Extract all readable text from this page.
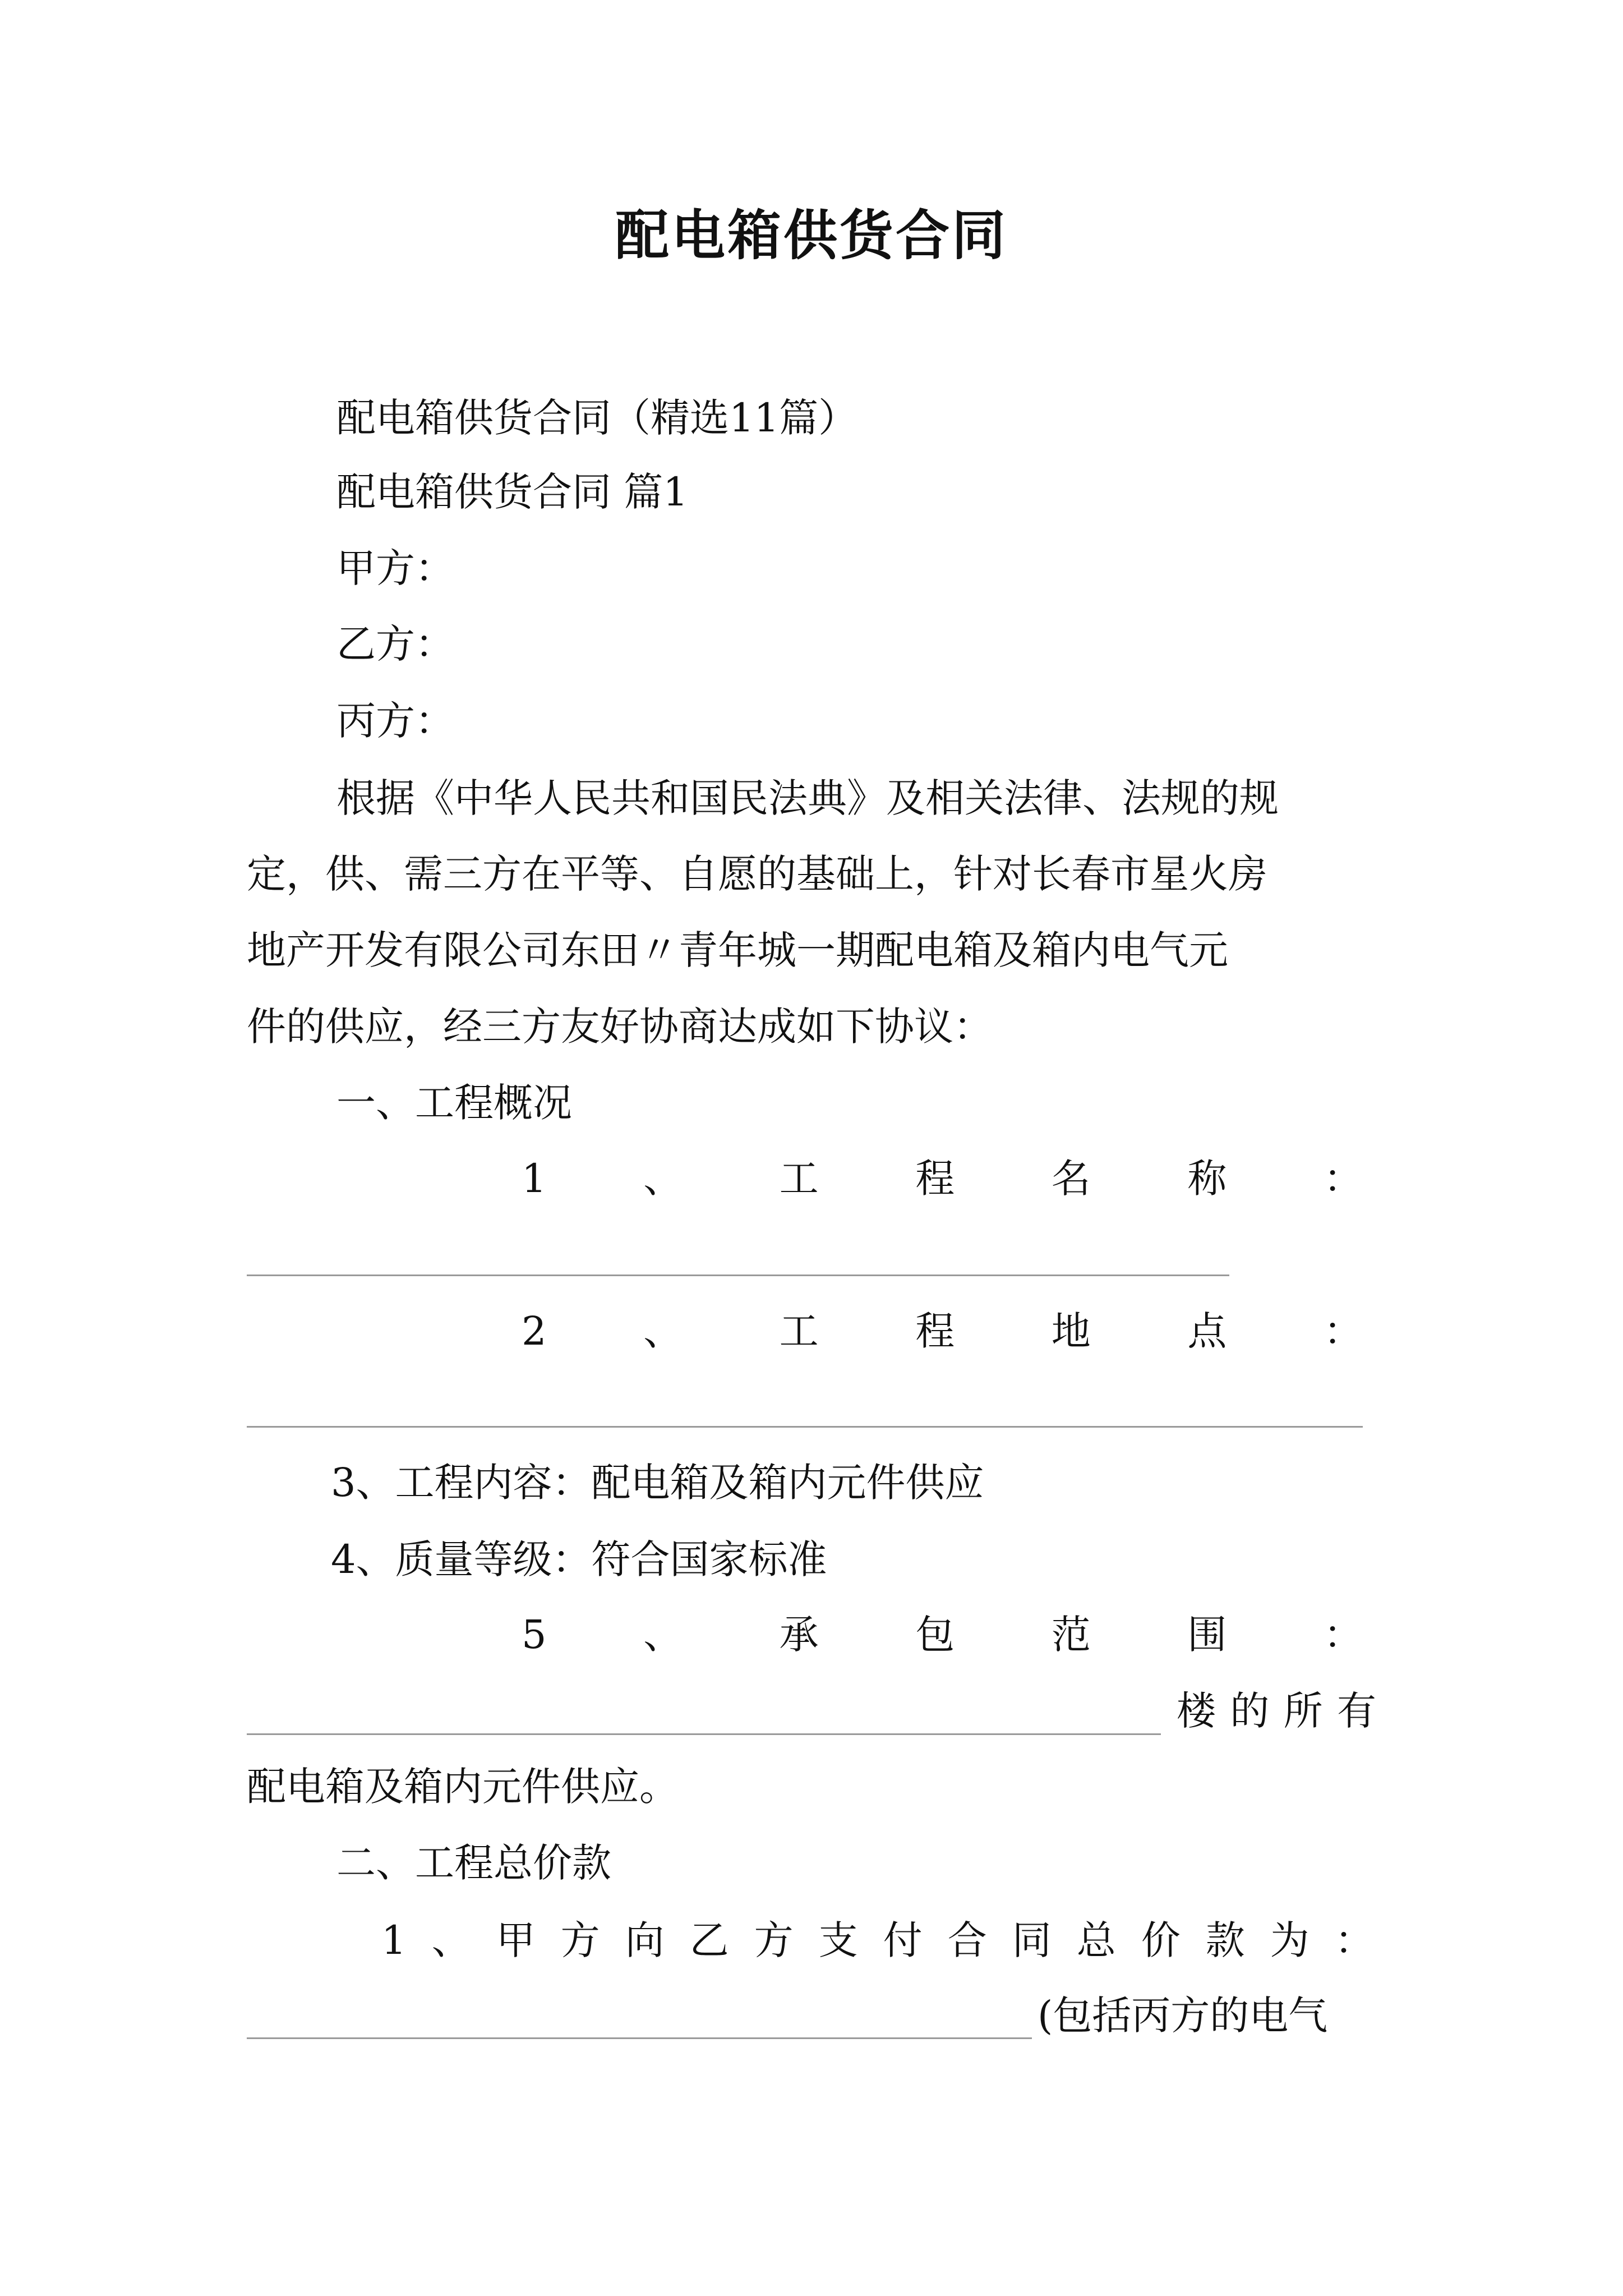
配电箱供货合同
配电箱供货合同（精选11篇）
配电箱供货合同 篇1
甲方：
乙方：
丙方：
根据《中华人民共和国民法典》及相关法律、法规的规
定，供、需三方在平等、自愿的基础上，针对长春市星火房
地产开发有限公司东田〃青年城一期配电箱及箱内电气元
件的供应，经三方友好协商达成如下协议：
一、工程概况
1 、 工 程 名 称 ：
2 、 工 程 地 点 ：
3、工程内容：配电箱及箱内元件供应
4、质量等级：符合国家标准
5 、 承 包 范 围 ：
楼 的 所 有
配电箱及箱内元件供应。
二、工程总价款
1 、 甲 方 向 乙 方 支 付 合 同 总 价 款 为 ：
(包括丙方的电气
